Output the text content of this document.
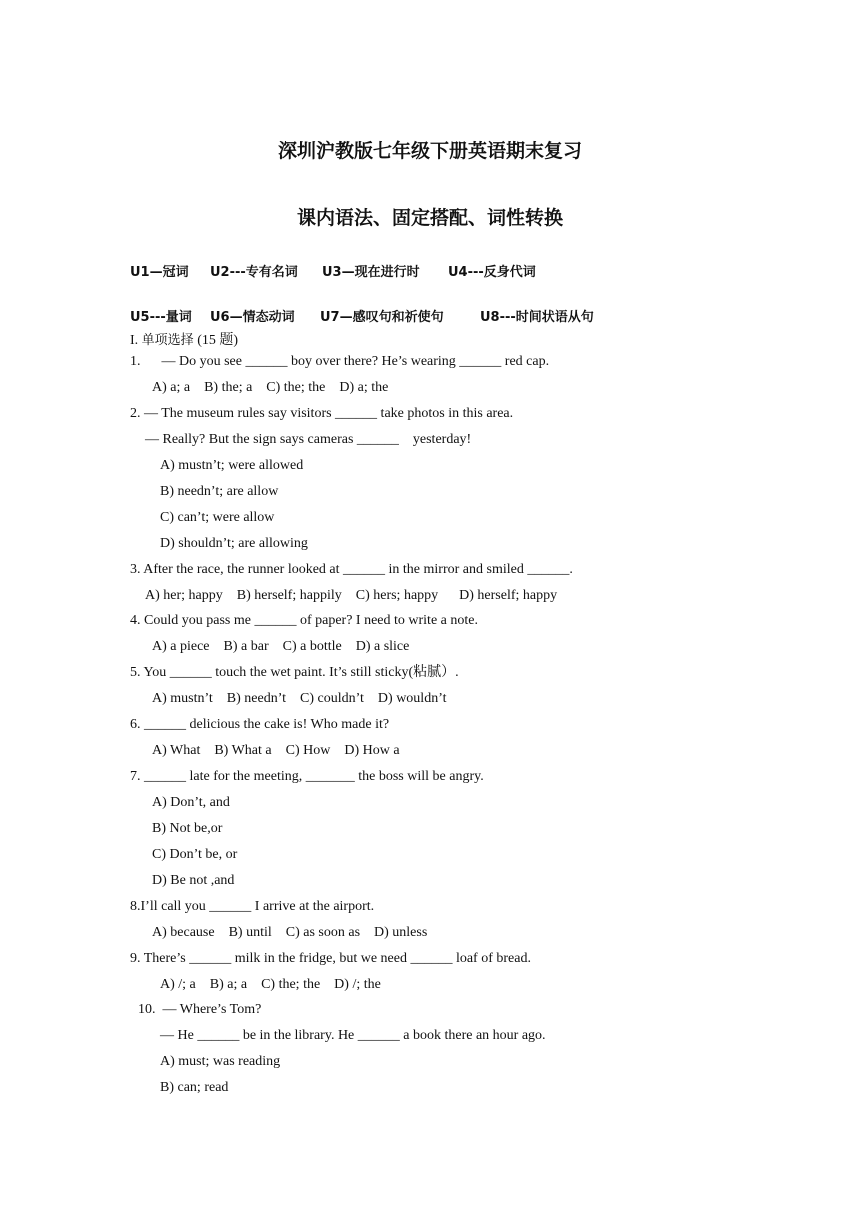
深圳沪教版七年级下册英语期末复习
课内语法、固定搭配、词性转换
U1—冠词 U2---专有名词 U3—现在进行时 U4---反身代词
U5---量词 U6—情态动词 U7—感叹句和祈使句	U8---时间状语从句
I. 单项选择 (15 题)
1.      — Do you see ______ boy over there? He’s wearing ______ red cap.
A) a; a    B) the; a    C) the; the    D) a; the
2. — The museum rules say visitors ______ take photos in this area.
— Really? But the sign says cameras ______    yesterday!
A) mustn’t; were allowed
B) needn’t; are allow
C) can’t; were allow
D) shouldn’t; are allowing
3. After the race, the runner looked at ______ in the mirror and smiled ______.
A) her; happy    B) herself; happily    C) hers; happy      D) herself; happy
4. Could you pass me ______ of paper? I need to write a note.
A) a piece    B) a bar    C) a bottle    D) a slice
5. You ______ touch the wet paint. It’s still sticky(粘腻）.
A) mustn’t    B) needn’t    C) couldn’t    D) wouldn’t
6. ______ delicious the cake is! Who made it?
A) What    B) What a    C) How    D) How a
7. ______ late for the meeting, _______ the boss will be angry.
A) Don’t, and
B) Not be,or
C) Don’t be, or
D) Be not ,and
8.I’ll call you ______ I arrive at the airport.
A) because    B) until    C) as soon as    D) unless
9. There’s ______ milk in the fridge, but we need ______ loaf of bread.
A) /; a    B) a; a    C) the; the    D) /; the
10.  — Where’s Tom?
— He ______ be in the library. He ______ a book there an hour ago.
A) must; was reading
B) can; read
